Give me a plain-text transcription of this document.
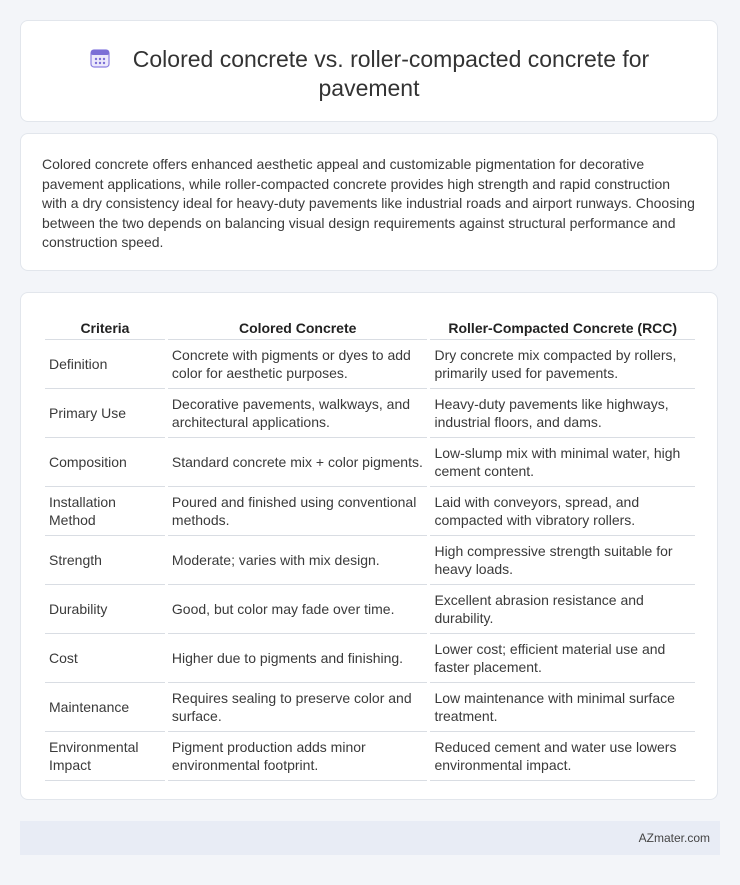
Colored concrete vs. roller-compacted concrete for pavement

Colored concrete offers enhanced aesthetic appeal and customizable pigmentation for decorative pavement applications, while roller-compacted concrete provides high strength and rapid construction with a dry consistency ideal for heavy-duty pavements like industrial roads and airport runways. Choosing between the two depends on balancing visual design requirements against structural performance and construction speed.

Criteria	Colored Concrete	Roller-Compacted Concrete (RCC)
Definition	Concrete with pigments or dyes to add color for aesthetic purposes.	Dry concrete mix compacted by rollers, primarily used for pavements.
Primary Use	Decorative pavements, walkways, and architectural applications.	Heavy-duty pavements like highways, industrial floors, and dams.
Composition	Standard concrete mix + color pigments.	Low-slump mix with minimal water, high cement content.
Installation Method	Poured and finished using conventional methods.	Laid with conveyors, spread, and compacted with vibratory rollers.
Strength	Moderate; varies with mix design.	High compressive strength suitable for heavy loads.
Durability	Good, but color may fade over time.	Excellent abrasion resistance and durability.
Cost	Higher due to pigments and finishing.	Lower cost; efficient material use and faster placement.
Maintenance	Requires sealing to preserve color and surface.	Low maintenance with minimal surface treatment.
Environmental Impact	Pigment production adds minor environmental footprint.	Reduced cement and water use lowers environmental impact.
AZmater.com
